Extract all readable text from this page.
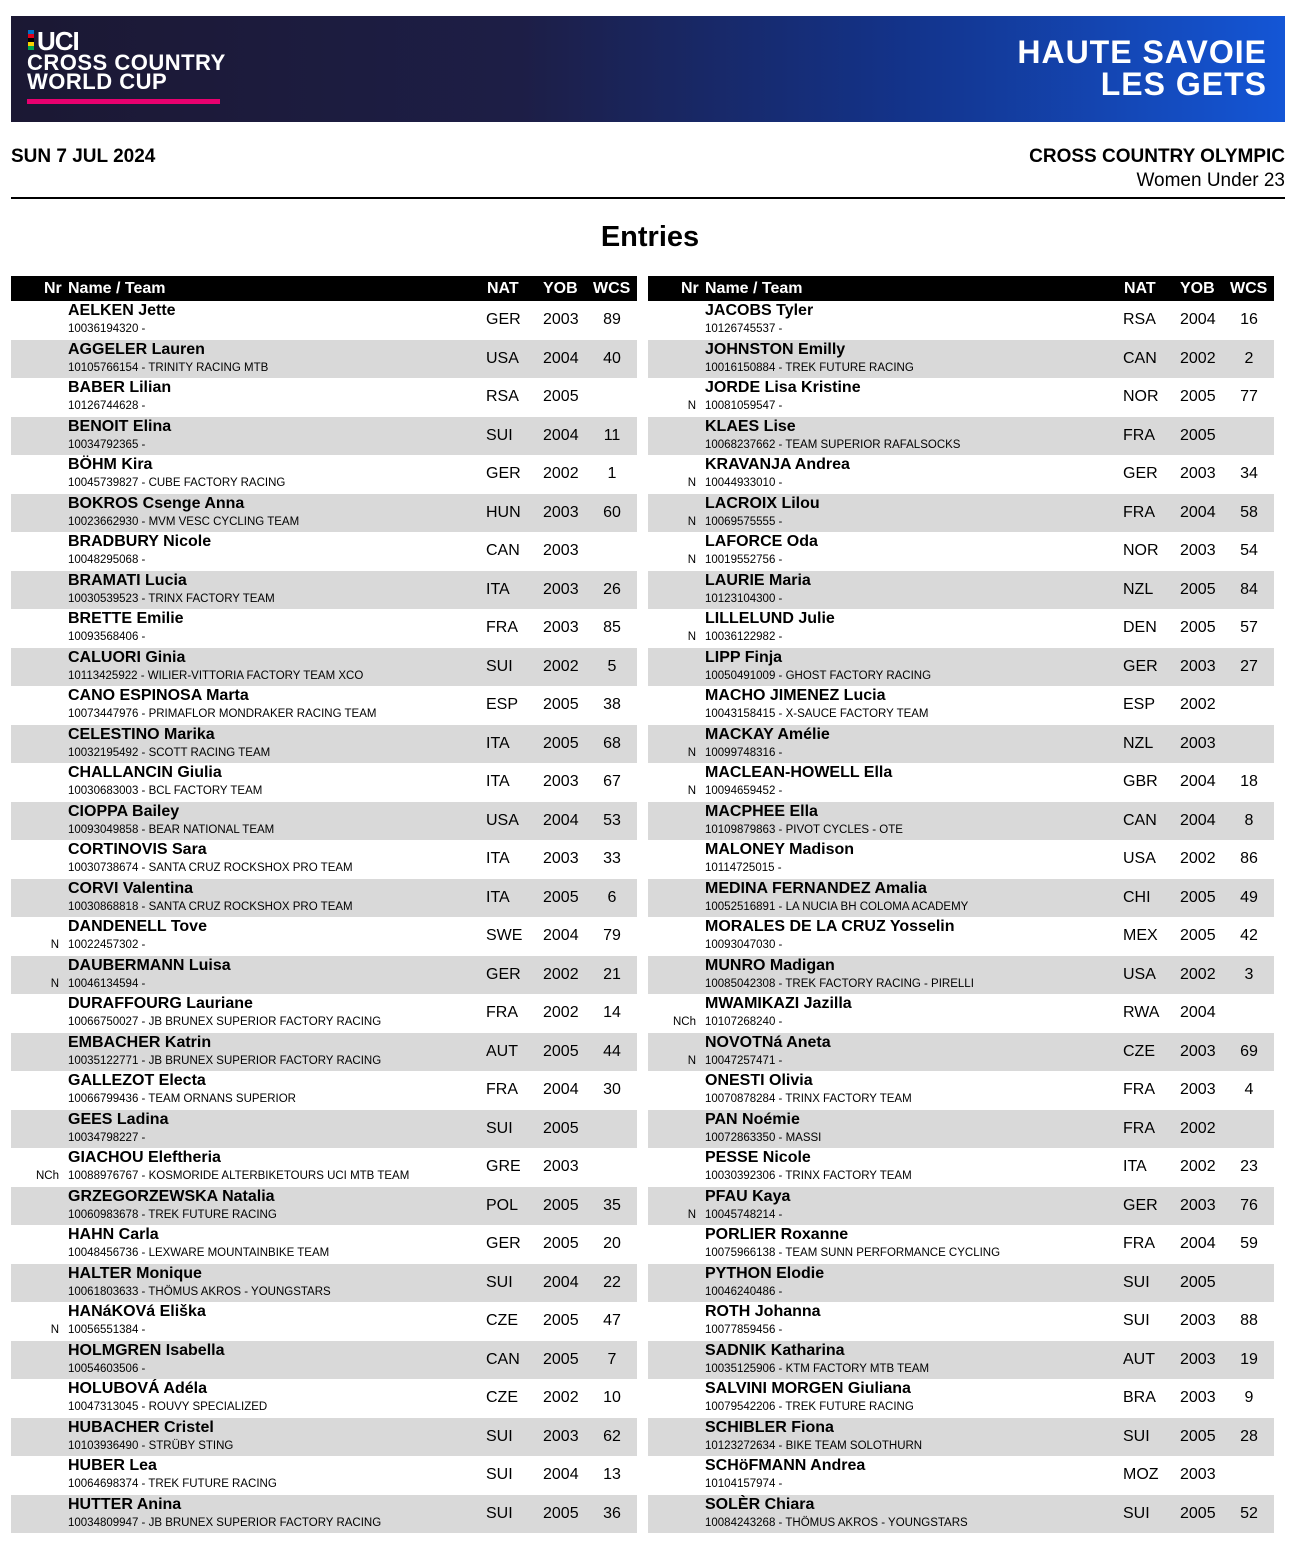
UCI
CROSS COUNTRY
WORLD CUP
HAUTE SAVOIE
LES GETS
SUN 7 JUL 2024	CROSS COUNTRY OLYMPIC
Women Under 23
Entries
Nr Name / Team	NAT YOB WCS
AELKEN Jette
10036194320 -
GER 2003	89
AGGELER Lauren
10105766154 - TRINITY RACING MTB
USA 2004	40
BABER Lilian
10126744628 -
RSA 2005
BENOIT Elina
10034792365 -
SUI 2004	11
BÖHM Kira
10045739827 - CUBE FACTORY RACING
GER 2002	1
BOKROS Csenge Anna
10023662930 - MVM VESC CYCLING TEAM
HUN 2003	60
BRADBURY Nicole
10048295068 -
CAN 2003
BRAMATI Lucia
10030539523 - TRINX FACTORY TEAM
ITA 2003	26
BRETTE Emilie
10093568406 -
FRA 2003	85
CALUORI Ginia
10113425922 - WILIER-VITTORIA FACTORY TEAM XCO
SUI 2002	5
CANO ESPINOSA Marta
10073447976 - PRIMAFLOR MONDRAKER RACING TEAM
ESP 2005	38
CELESTINO Marika
10032195492 - SCOTT RACING TEAM
ITA 2005	68
CHALLANCIN Giulia
10030683003 - BCL FACTORY TEAM
ITA 2003	67
CIOPPA Bailey
10093049858 - BEAR NATIONAL TEAM
USA 2004	53
CORTINOVIS Sara
10030738674 - SANTA CRUZ ROCKSHOX PRO TEAM
ITA 2003	33
CORVI Valentina
10030868818 - SANTA CRUZ ROCKSHOX PRO TEAM
ITA 2005	6
DANDENELL Tove
10022457302 -
N
SWE 2004	79
DAUBERMANN Luisa
10046134594 -
N
GER 2002	21
DURAFFOURG Lauriane
10066750027 - JB BRUNEX SUPERIOR FACTORY RACING
FRA 2002	14
EMBACHER Katrin
10035122771 - JB BRUNEX SUPERIOR FACTORY RACING
AUT 2005	44
GALLEZOT Electa
10066799436 - TEAM ORNANS SUPERIOR
FRA 2004	30
GEES Ladina
10034798227 -
SUI 2005
GIACHOU Eleftheria
10088976767 - KOSMORIDE ALTERBIKETOURS UCI MTB TEAM
NCh
GRE 2003
GRZEGORZEWSKA Natalia
10060983678 - TREK FUTURE RACING
POL 2005	35
HAHN Carla
10048456736 - LEXWARE MOUNTAINBIKE TEAM
GER 2005	20
HALTER Monique
10061803633 - THÖMUS AKROS - YOUNGSTARS
SUI 2004	22
HANáKOVá Eliška
10056551384 -
N
CZE 2005	47
HOLMGREN Isabella
10054603506 -
CAN 2005	7
HOLUBOVÁ Adéla
10047313045 - ROUVY SPECIALIZED
CZE 2002	10
HUBACHER Cristel
10103936490 - STRÜBY STING
SUI 2003	62
HUBER Lea
10064698374 - TREK FUTURE RACING
SUI 2004	13
HUTTER Anina
10034809947 - JB BRUNEX SUPERIOR FACTORY RACING
SUI 2005	36
Nr Name / Team	NAT YOB WCS
JACOBS Tyler
10126745537 -
RSA 2004	16
JOHNSTON Emilly
10016150884 - TREK FUTURE RACING
CAN 2002	2
JORDE Lisa Kristine
10081059547 -
N
NOR 2005	77
KLAES Lise
10068237662 - TEAM SUPERIOR RAFALSOCKS
FRA 2005
KRAVANJA Andrea
10044933010 -
N
GER 2003	34
LACROIX Lilou
10069575555 -
N
FRA 2004	58
LAFORCE Oda
10019552756 -
N
NOR 2003	54
LAURIE Maria
10123104300 -
NZL 2005	84
LILLELUND Julie
10036122982 -
N
DEN 2005	57
LIPP Finja
10050491009 - GHOST FACTORY RACING
GER 2003	27
MACHO JIMENEZ Lucia
10043158415 - X-SAUCE FACTORY TEAM
ESP 2002
MACKAY Amélie
10099748316 -
N
NZL 2003
MACLEAN-HOWELL Ella
10094659452 -
N
GBR 2004	18
MACPHEE Ella
10109879863 - PIVOT CYCLES - OTE
CAN 2004	8
MALONEY Madison
10114725015 -
USA 2002	86
MEDINA FERNANDEZ Amalia
10052516891 - LA NUCIA BH COLOMA ACADEMY
CHI 2005	49
MORALES DE LA CRUZ Yosselin
10093047030 -
MEX 2005	42
MUNRO Madigan
10085042308 - TREK FACTORY RACING - PIRELLI
USA 2002	3
MWAMIKAZI Jazilla
10107268240 -
NCh
RWA 2004
NOVOTNá Aneta
10047257471 -
N
CZE 2003	69
ONESTI Olivia
10070878284 - TRINX FACTORY TEAM
FRA 2003	4
PAN Noémie
10072863350 - MASSI
FRA 2002
PESSE Nicole
10030392306 - TRINX FACTORY TEAM
ITA 2002	23
PFAU Kaya
10045748214 -
N
GER 2003	76
PORLIER Roxanne
10075966138 - TEAM SUNN PERFORMANCE CYCLING
FRA 2004	59
PYTHON Elodie
10046240486 -
SUI 2005
ROTH Johanna
10077859456 -
SUI 2003	88
SADNIK Katharina
10035125906 - KTM FACTORY MTB TEAM
AUT 2003	19
SALVINI MORGEN Giuliana
10079542206 - TREK FUTURE RACING
BRA 2003	9
SCHIBLER Fiona
10123272634 - BIKE TEAM SOLOTHURN
SUI 2005	28
SCHöFMANN Andrea
10104157974 -
MOZ 2003
SOLÈR Chiara
10084243268 - THÖMUS AKROS - YOUNGSTARS
SUI 2005	52
